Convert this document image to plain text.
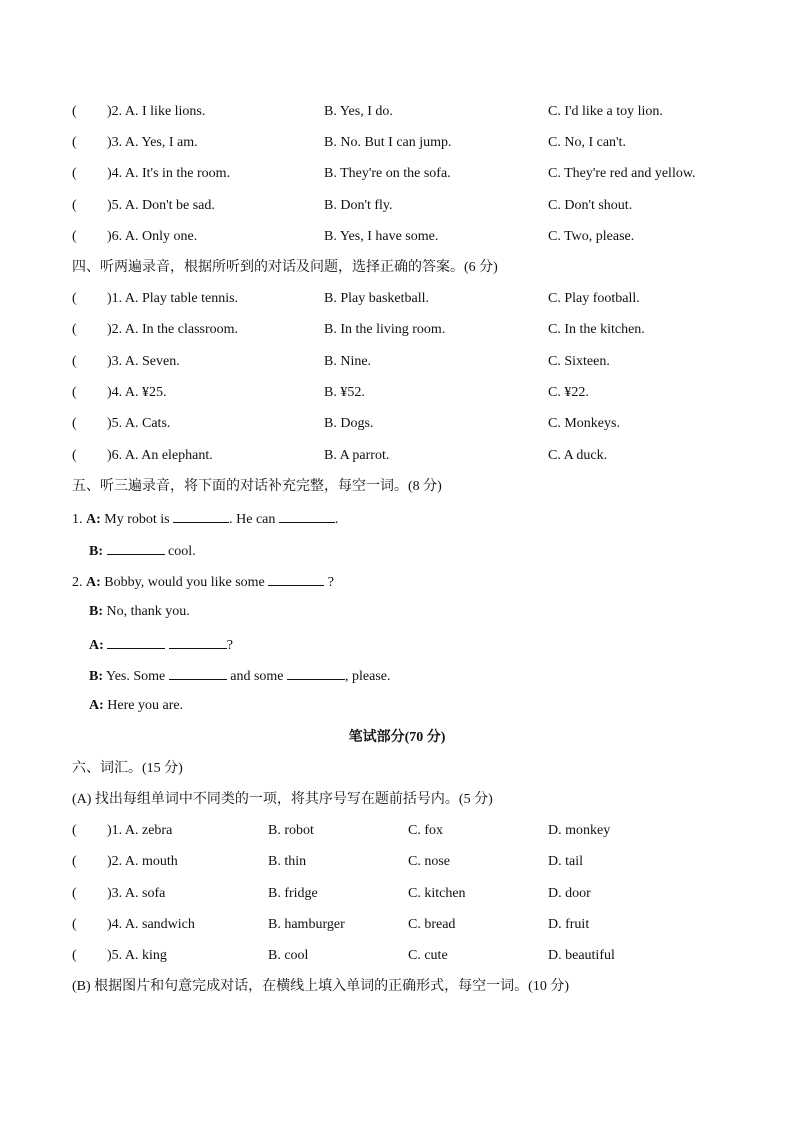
( )2. A. I like lions.	B. Yes, I do.	C. I'd like a toy lion.
( )3. A. Yes, I am.	B. No. But I can jump.	C. No, I can't.
( )4. A. It's in the room.	B. They're on the sofa.	C. They're red and yellow.
( )5. A. Don't be sad.	B. Don't fly.	C. Don't shout.
( )6. A. Only one.	B. Yes, I have some.	C. Two, please.
四、听两遍录音，根据所听到的对话及问题，选择正确的答案。(6 分)
( )1. A. Play table tennis.	B. Play basketball.	C. Play football.
( )2. A. In the classroom.	B. In the living room.	C. In the kitchen.
( )3. A. Seven.	B. Nine.	C. Sixteen.
( )4. A. ¥25.	B. ¥52.	C. ¥22.
( )5. A. Cats.	B. Dogs.	C. Monkeys.
( )6. A. An elephant.	B. A parrot.	C. A duck.
五、听三遍录音，将下面的对话补充完整，每空一词。(8 分)
1. A: My robot is	. He can	.
B:	cool.
2. A: Bobby, would you like some	?
B: No, thank you.
A:	?
B: Yes. Some	and some	, please.
A: Here you are.
笔试部分(70 分)
六、词汇。(15 分)
(A) 找出每组单词中不同类的一项，将其序号写在题前括号内。(5 分)
( )1. A. zebra	B. robot	C. fox	D. monkey
( )2. A. mouth	B. thin	C. nose	D. tail
( )3. A. sofa	B. fridge	C. kitchen	D. door
( )4. A. sandwich	B. hamburger	C. bread	D. fruit
( )5. A. king	B. cool	C. cute	D. beautiful
(B) 根据图片和句意完成对话，在横线上填入单词的正确形式，每空一词。(10 分)
